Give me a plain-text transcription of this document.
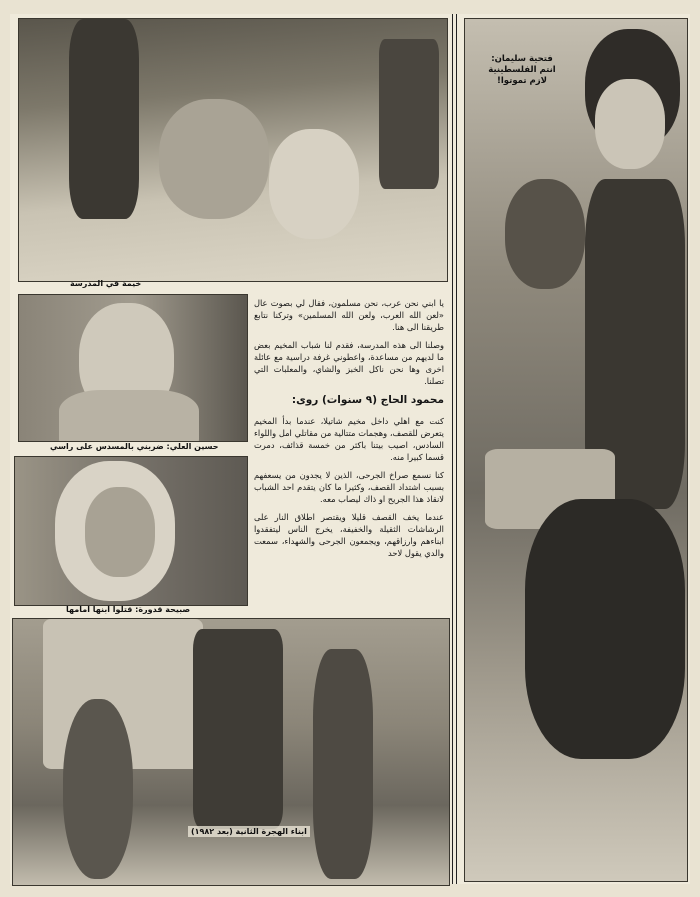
خيمة في المدرسة
حسين العلي: ضربني بالمسدس على راسي
صبيحة قدورة: قتلوا ابنها امامها
ابناء الهجرة الثانية (بعد ١٩٨٢)
فتحية سليمان:
انتم الفلسطينية
لازم تموتوا!

يا ابني نحن عرب، نحن مسلمون، فقال لي بصوت عال «لعن الله العرب، ولعن الله المسلمين» وتركنا نتابع طريقنا الى هنا.

وصلنا الى هذه المدرسة، فقدم لنا شباب المخيم بعض ما لديهم من مساعدة، واعطوني غرفة دراسية مع عائلة اخرى وها نحن ناكل الخبز والشاي، والمعلبات التي تصلنا.

محمود الحاج (٩ سنوات) روى:

كنت مع اهلي داخل مخيم شاتيلا، عندما بدأ المخيم يتعرض للقصف، وهجمات متتالية من مقاتلي امل واللواء السادس، اصيب بيتنا باكثر من خمسة قذائف، دمرت قسما كبيرا منه.

كنا نسمع صراخ الجرحى، الذين لا يجدون من يسعفهم بسبب اشتداد القصف، وكثيرا ما كان يتقدم احد الشباب لانقاذ هذا الجريح او ذاك ليصاب معه.

عندما يخف القصف قليلا ويقتصر اطلاق النار على الرشاشات الثقيلة والخفيفة، يخرج الناس ليتفقدوا ابناءهم وارزاقهم، ويجمعون الجرحى والشهداء، سمعت والدي يقول لاحد
